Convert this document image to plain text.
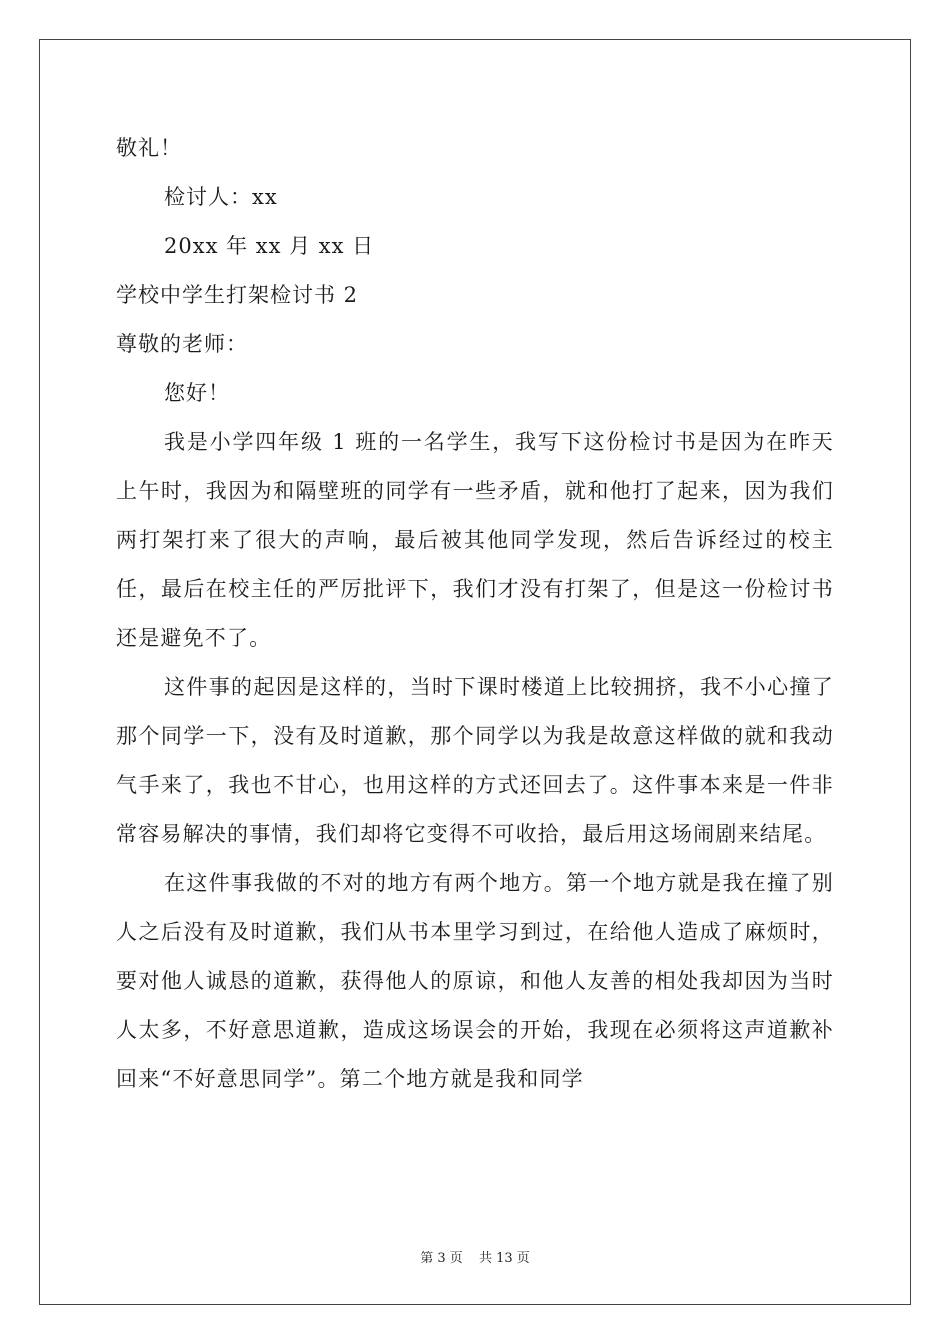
敬礼！
检讨人：xx
20xx 年 xx 月 xx 日
学校中学生打架检讨书 2
尊敬的老师：
您好！

我是小学四年级 1 班的一名学生，我写下这份检讨书是因为在昨天上午时，我因为和隔壁班的同学有一些矛盾，就和他打了起来，因为我们两打架打来了很大的声响，最后被其他同学发现，然后告诉经过的校主任，最后在校主任的严厉批评下，我们才没有打架了，但是这一份检讨书还是避免不了。

这件事的起因是这样的，当时下课时楼道上比较拥挤，我不小心撞了那个同学一下，没有及时道歉，那个同学以为我是故意这样做的就和我动气手来了，我也不甘心，也用这样的方式还回去了。这件事本来是一件非常容易解决的事情，我们却将它变得不可收拾，最后用这场闹剧来结尾。

在这件事我做的不对的地方有两个地方。第一个地方就是我在撞了别人之后没有及时道歉，我们从书本里学习到过，在给他人造成了麻烦时，要对他人诚恳的道歉，获得他人的原谅，和他人友善的相处我却因为当时人太多，不好意思道歉，造成这场误会的开始，我现在必须将这声道歉补回来“不好意思同学”。第二个地方就是我和同学

第 3 页 共 13 页
